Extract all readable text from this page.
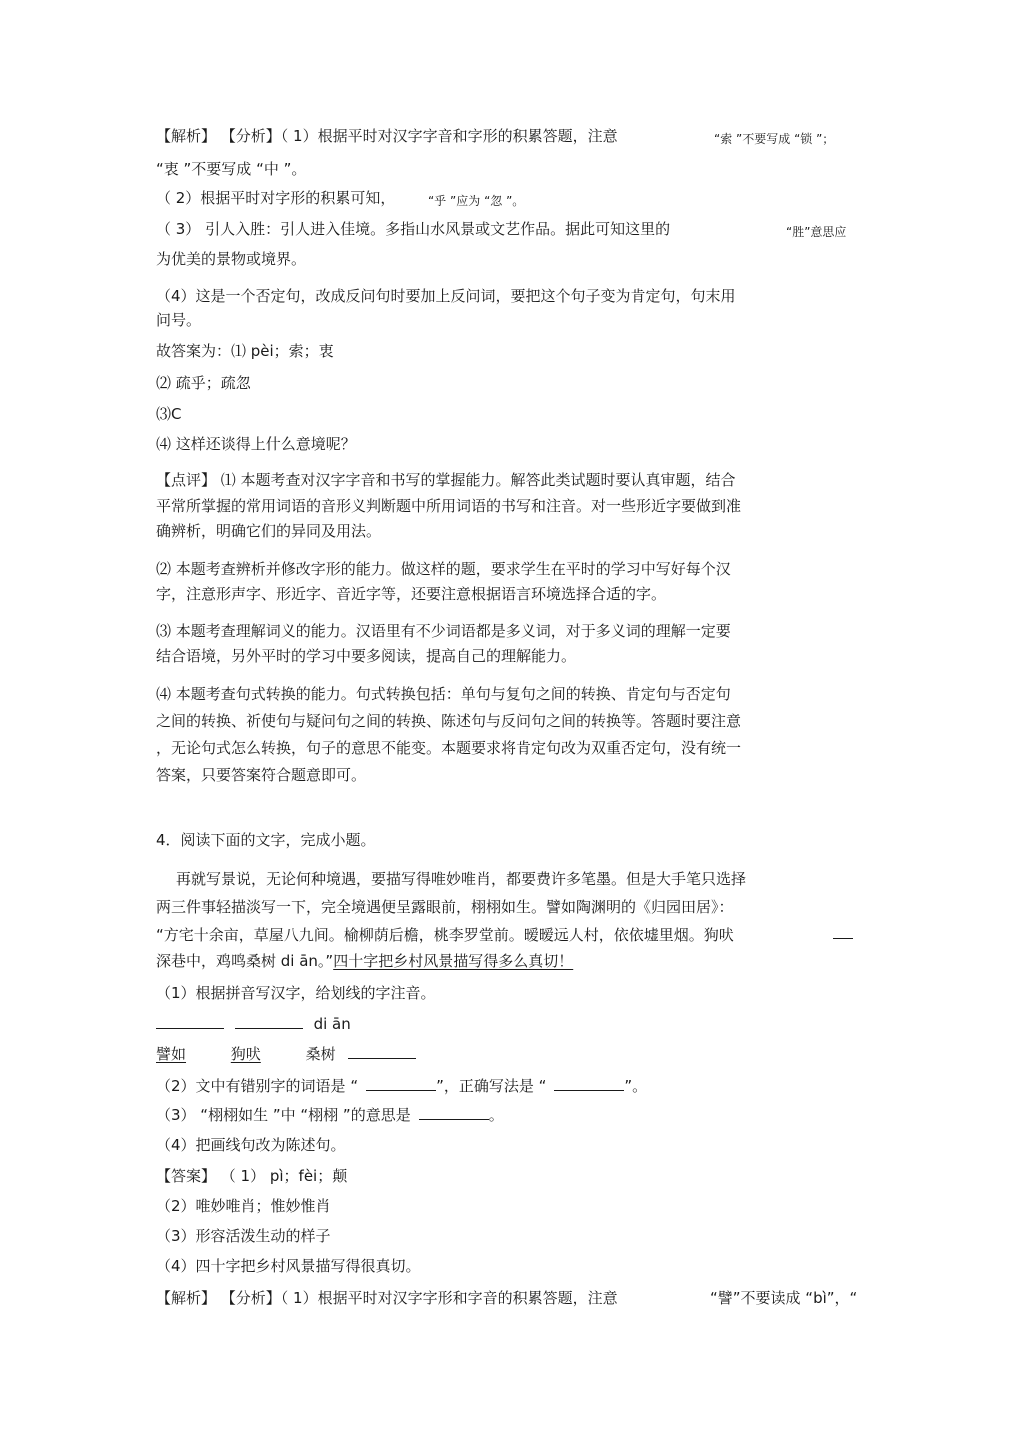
【解析】 【分析】（ 1）根据平时对汉字字音和字形的积累答题，注意	“索 ”不要写成 “锁 ”；
“衷 ”不要写成 “中 ”。
（ 2）根据平时对字形的积累可知，	“乎 ”应为 “忽 ”。
（ 3） 引人入胜：引人进入佳境。多指山水风景或文艺作品。据此可知这里的	“胜”意思应
为优美的景物或境界。
（4）这是一个否定句，改成反问句时要加上反问词，要把这个句子变为肯定句，句末用
问号。
故答案为：⑴ pèi；索；衷
⑵ 疏乎；疏忽
⑶C
⑷ 这样还谈得上什么意境呢？
【点评】 ⑴ 本题考查对汉字字音和书写的掌握能力。解答此类试题时要认真审题，结合
平常所掌握的常用词语的音形义判断题中所用词语的书写和注音。对一些形近字要做到准
确辨析，明确它们的异同及用法。
⑵ 本题考查辨析并修改字形的能力。做这样的题，要求学生在平时的学习中写好每个汉
字，注意形声字、形近字、音近字等，还要注意根据语言环境选择合适的字。
⑶ 本题考查理解词义的能力。汉语里有不少词语都是多义词，对于多义词的理解一定要
结合语境，另外平时的学习中要多阅读，提高自己的理解能力。
⑷ 本题考查句式转换的能力。句式转换包括：单句与复句之间的转换、肯定句与否定句
之间的转换、祈使句与疑问句之间的转换、陈述句与反问句之间的转换等。答题时要注意
，无论句式怎么转换，句子的意思不能变。本题要求将肯定句改为双重否定句，没有统一
答案，只要答案符合题意即可。
4．阅读下面的文字，完成小题。
再就写景说，无论何种境遇，要描写得唯妙唯肖，都要费许多笔墨。但是大手笔只选择
两三件事轻描淡写一下，完全境遇便呈露眼前，栩栩如生。譬如陶渊明的《归园田居》：
“方宅十余亩，草屋八九间。榆柳荫后檐，桃李罗堂前。暧暧远人村，依依墟里烟。狗吠
深巷中，鸡鸣桑树 di ān。”四十字把乡村风景描写得多么真切！
（1）根据拼音写汉字，给划线的字注音。
di ān
譬如	狗吠	桑树
（2）文中有错别字的词语是 “	”，正确写法是 “	”。
（3） “栩栩如生 ”中 “栩栩 ”的意思是	。
（4）把画线句改为陈述句。
【答案】 （ 1） pì；fèi；颠
（2）唯妙唯肖；惟妙惟肖
（3）形容活泼生动的样子
（4）四十字把乡村风景描写得很真切。
【解析】 【分析】（ 1）根据平时对汉字字形和字音的积累答题，注意	“譬”不要读成 “bì”，“
